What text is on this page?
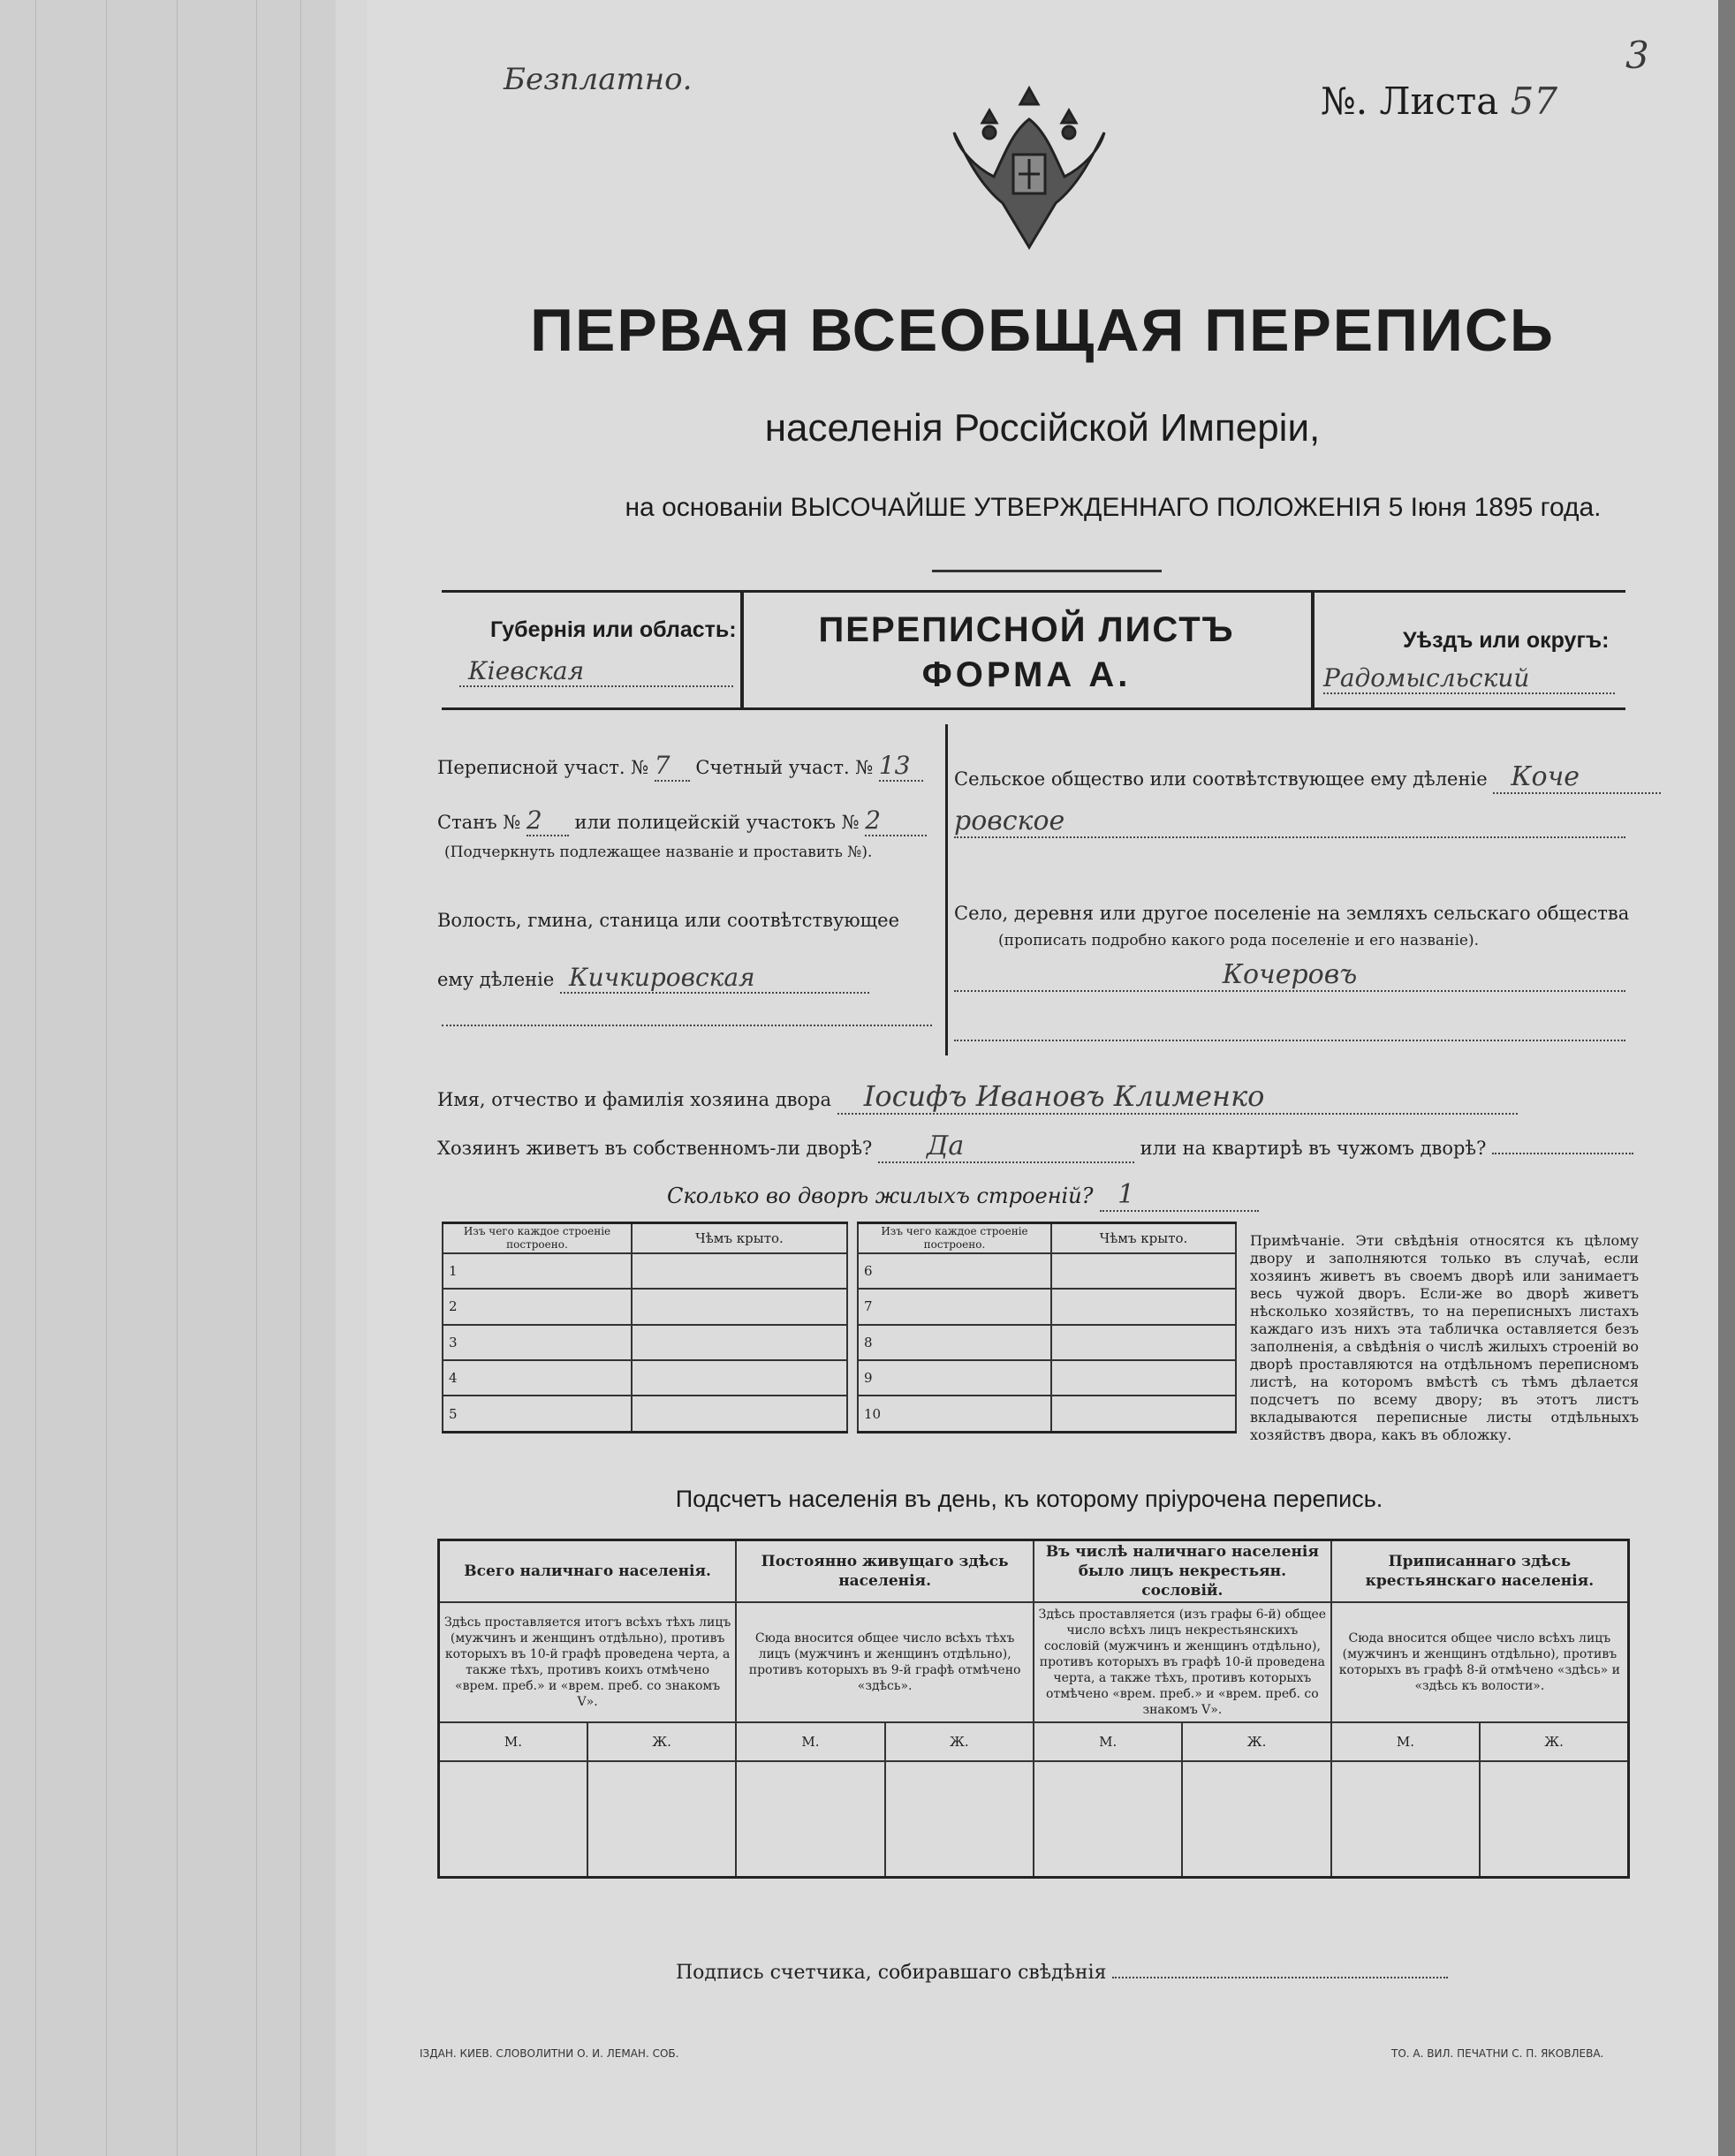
Безплатно.	№. Листа 57
3
ПЕРВАЯ ВСЕОБЩАЯ ПЕРЕПИСЬ
населенія Россійской Имперіи,
на основаніи ВЫСОЧАЙШЕ УТВЕРЖДЕННАГО ПОЛОЖЕНІЯ 5 Іюня 1895 года.
Губернія или область:
Кіевская
ПЕРЕПИСНОЙ ЛИСТЪ
ФОРМА А.
Уѣздъ или округъ:
Радомысльский
Переписной участ. № 7 Счетный участ. № 13
Станъ № 2 или полицейскій участокъ № 2
(Подчеркнуть подлежащее названіе и проставить №).
Волость, гмина, станица или соотвѣтствующее
ему дѣленіе Кичкировская
Сельское общество или соотвѣтствующее ему дѣленіе Коче
ровское
Село, деревня или другое поселеніе на земляхъ сельскаго общества
(прописать подробно какого рода поселеніе и его названіе).
Кочеровъ
Имя, отчество и фамилія хозяина двора Іосифъ Ивановъ Клименко
Хозяинъ живетъ въ собственномъ-ли дворѣ? Да	или на квартирѣ въ чужомъ дворѣ?
Сколько во дворѣ жилыхъ строеній? 1
Изъ чего каждое строеніе построено.	Чѣмъ крыто.
1	
2	
3	
4	
5	
Изъ чего каждое строеніе построено.	Чѣмъ крыто.
6	
7	
8	
9	
10	
Примѣчаніе. Эти свѣдѣнія относятся къ цѣлому двору и заполняются только въ случаѣ, если хозяинъ живетъ въ своемъ дворѣ или занимаетъ весь чужой дворъ. Если-же во дворѣ живетъ нѣсколько хозяйствъ, то на переписныхъ листахъ каждаго изъ нихъ эта табличка оставляется безъ заполненія, а свѣдѣнія о числѣ жилыхъ строеній во дворѣ проставляются на отдѣльномъ переписномъ листѣ, на которомъ вмѣстѣ съ тѣмъ дѣлается подсчетъ по всему двору; въ этотъ листъ вкладываются переписные листы отдѣльныхъ хозяйствъ двора, какъ въ обложку.
Подсчетъ населенія въ день, къ которому пріурочена перепись.
Всего наличнаго населенія.		Постоянно живущаго здѣсь населенія.		Въ числѣ наличнаго населенія было лицъ некрестьян. сословій.		Приписаннаго здѣсь крестьянскаго населенія.	
Здѣсь проставляется итогъ всѣхъ тѣхъ лицъ (мужчинъ и женщинъ отдѣльно), противъ которыхъ въ 10-й графѣ проведена черта, а также тѣхъ, противъ коихъ отмѣчено «врем. преб.» и «врем. преб. со знакомъ V».		Сюда вносится общее число всѣхъ тѣхъ лицъ (мужчинъ и женщинъ отдѣльно), противъ которыхъ въ 9-й графѣ отмѣчено «здѣсь».		Здѣсь проставляется (изъ графы 6-й) общее число всѣхъ лицъ некрестьянскихъ сословій (мужчинъ и женщинъ отдѣльно), противъ которыхъ въ графѣ 10-й проведена черта, а также тѣхъ, противъ которыхъ отмѣчено «врем. преб.» и «врем. преб. со знакомъ V».		Сюда вносится общее число всѣхъ лицъ (мужчинъ и женщинъ отдѣльно), противъ которыхъ въ графѣ 8-й отмѣчено «здѣсь» и «здѣсь къ волости».	
М.	Ж.	М.	Ж.	М.	Ж.	М.	Ж.

Подпись счетчика, собиравшаго свѣдѣнія
ІЗДАН. КИЕВ. СЛОВОЛИТНИ О. И. ЛЕМАН. СОБ.	ТО. А. ВИЛ. ПЕЧАТНИ С. П. ЯКОВЛЕВА.
